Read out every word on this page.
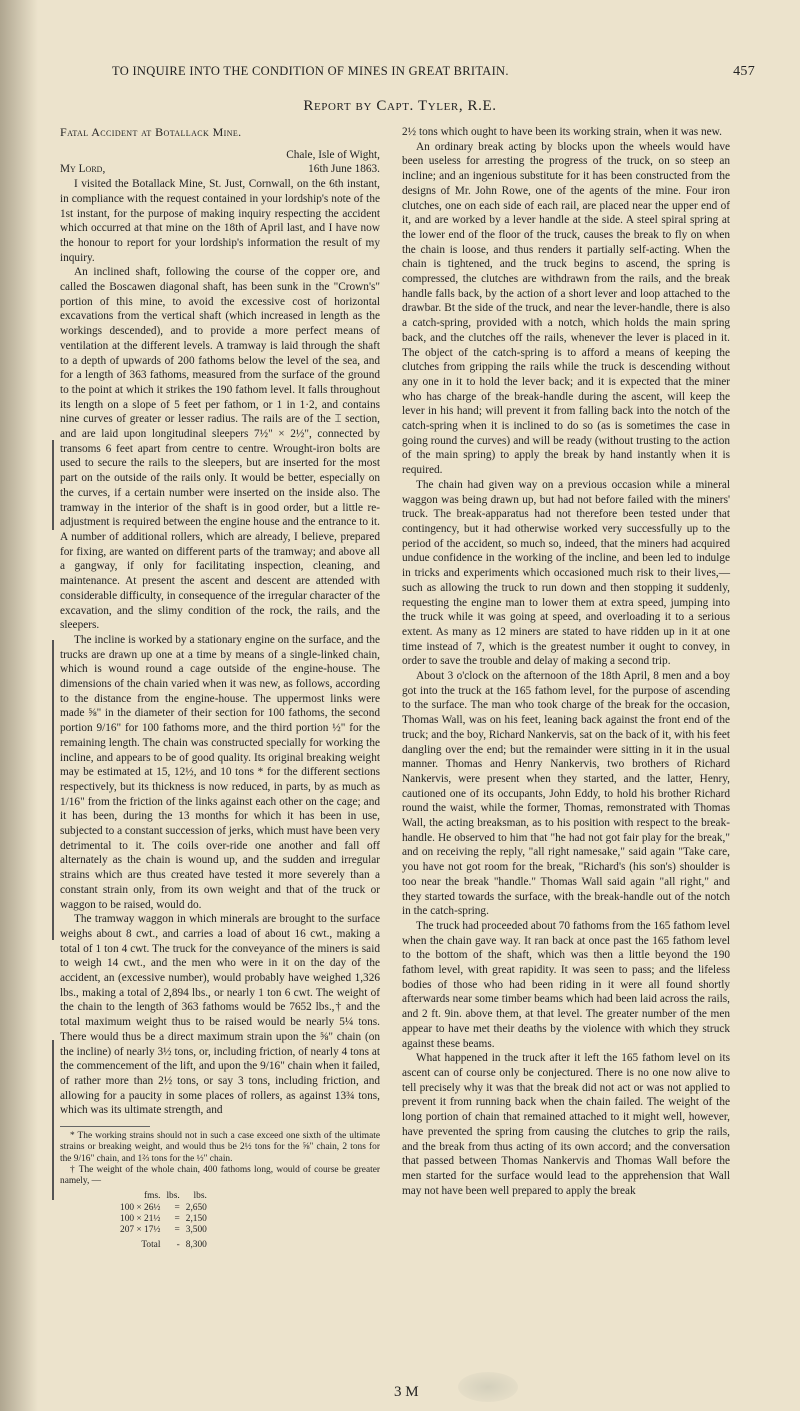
TO INQUIRE INTO THE CONDITION OF MINES IN GREAT BRITAIN.	457
Report by Capt. Tyler, R.E.

Fatal Accident at Botallack Mine.

Chale, Isle of Wight,

16th June 1863.
My Lord,

I visited the Botallack Mine, St. Just, Cornwall, on the 6th instant, in compliance with the request contained in your lordship's note of the 1st instant, for the purpose of making inquiry respecting the accident which occurred at that mine on the 18th of April last, and I have now the honour to report for your lordship's information the result of my inquiry.

An inclined shaft, following the course of the copper ore, and called the Boscawen diagonal shaft, has been sunk in the "Crown's" portion of this mine, to avoid the excessive cost of horizontal excavations from the vertical shaft (which increased in length as the workings descended), and to provide a more perfect means of ventilation at the different levels. A tramway is laid through the shaft to a depth of upwards of 200 fathoms below the level of the sea, and for a length of 363 fathoms, measured from the surface of the ground to the point at which it strikes the 190 fathom level. It falls throughout its length on a slope of 5 feet per fathom, or 1 in 1·2, and contains nine curves of greater or lesser radius. The rails are of the ⌶ section, and are laid upon longitudinal sleepers 7½" × 2½", connected by transoms 6 feet apart from centre to centre. Wrought-iron bolts are used to secure the rails to the sleepers, but are inserted for the most part on the outside of the rails only. It would be better, especially on the curves, if a certain number were inserted on the inside also. The tramway in the interior of the shaft is in good order, but a little re-adjustment is required between the engine house and the entrance to it. A number of additional rollers, which are already, I believe, prepared for fixing, are wanted on different parts of the tramway; and above all a gangway, if only for facilitating inspection, cleaning, and maintenance. At present the ascent and descent are attended with considerable difficulty, in consequence of the irregular character of the excavation, and the slimy condition of the rock, the rails, and the sleepers.

The incline is worked by a stationary engine on the surface, and the trucks are drawn up one at a time by means of a single-linked chain, which is wound round a cage outside of the engine-house. The dimensions of the chain varied when it was new, as follows, according to the distance from the engine-house. The uppermost links were made ⅝" in the diameter of their section for 100 fathoms, the second portion 9/16" for 100 fathoms more, and the third portion ½" for the remaining length. The chain was constructed specially for working the incline, and appears to be of good quality. Its original breaking weight may be estimated at 15, 12½, and 10 tons * for the different sections respectively, but its thickness is now reduced, in parts, by as much as 1/16" from the friction of the links against each other on the cage; and it has been, during the 13 months for which it has been in use, subjected to a constant succession of jerks, which must have been very detrimental to it. The coils over-ride one another and fall off alternately as the chain is wound up, and the sudden and irregular strains which are thus created have tested it more severely than a constant strain only, from its own weight and that of the truck or waggon to be raised, would do.

The tramway waggon in which minerals are brought to the surface weighs about 8 cwt., and carries a load of about 16 cwt., making a total of 1 ton 4 cwt. The truck for the conveyance of the miners is said to weigh 14 cwt., and the men who were in it on the day of the accident, an (excessive number), would probably have weighed 1,326 lbs., making a total of 2,894 lbs., or nearly 1 ton 6 cwt. The weight of the chain to the length of 363 fathoms would be 7652 lbs.,† and the total maximum weight thus to be raised would be nearly 5¼ tons. There would thus be a direct maximum strain upon the ⅝" chain (on the incline) of nearly 3½ tons, or, including friction, of nearly 4 tons at the commencement of the lift, and upon the 9/16" chain when it failed, of rather more than 2½ tons, or say 3 tons, including friction, and allowing for a paucity in some places of rollers, as against 13¾ tons, which was its ultimate strength, and

* The working strains should not in such a case exceed one sixth of the ultimate strains or breaking weight, and would thus be 2½ tons for the ⅝" chain, 2 tons for the 9/16" chain, and 1⅔ tons for the ½" chain.

† The weight of the whole chain, 400 fathoms long, would of course be greater namely, —

fms.	lbs.	lbs.
100 × 26½	=	2,650
100 × 21½	=	2,150
207 × 17½	=	3,500
Total	-	8,300

2½ tons which ought to have been its working strain, when it was new.

An ordinary break acting by blocks upon the wheels would have been useless for arresting the progress of the truck, on so steep an incline; and an ingenious substitute for it has been constructed from the designs of Mr. John Rowe, one of the agents of the mine. Four iron clutches, one on each side of each rail, are placed near the upper end of it, and are worked by a lever handle at the side. A steel spiral spring at the lower end of the floor of the truck, causes the break to fly on when the chain is loose, and thus renders it partially self-acting. When the chain is tightened, and the truck begins to ascend, the spring is compressed, the clutches are withdrawn from the rails, and the break handle falls back, by the action of a short lever and loop attached to the drawbar. Bt the side of the truck, and near the lever-handle, there is also a catch-spring, provided with a notch, which holds the main spring back, and the clutches off the rails, whenever the lever is placed in it. The object of the catch-spring is to afford a means of keeping the clutches from gripping the rails while the truck is descending without any one in it to hold the lever back; and it is expected that the miner who has charge of the break-handle during the ascent, will keep the lever in his hand; will prevent it from falling back into the notch of the catch-spring when it is inclined to do so (as is sometimes the case in going round the curves) and will be ready (without trusting to the action of the main spring) to apply the break by hand instantly when it is required.

The chain had given way on a previous occasion while a mineral waggon was being drawn up, but had not before failed with the miners' truck. The break-apparatus had not therefore been tested under that contingency, but it had otherwise worked very successfully up to the period of the accident, so much so, indeed, that the miners had acquired undue confidence in the working of the incline, and been led to indulge in tricks and experiments which occasioned much risk to their lives,—such as allowing the truck to run down and then stopping it suddenly, requesting the engine man to lower them at extra speed, jumping into the truck while it was going at speed, and overloading it to a serious extent. As many as 12 miners are stated to have ridden up in it at one time instead of 7, which is the greatest number it ought to convey, in order to save the trouble and delay of making a second trip.

About 3 o'clock on the afternoon of the 18th April, 8 men and a boy got into the truck at the 165 fathom level, for the purpose of ascending to the surface. The man who took charge of the break for the occasion, Thomas Wall, was on his feet, leaning back against the front end of the truck; and the boy, Richard Nankervis, sat on the back of it, with his feet dangling over the end; but the remainder were sitting in it in the usual manner. Thomas and Henry Nankervis, two brothers of Richard Nankervis, were present when they started, and the latter, Henry, cautioned one of its occupants, John Eddy, to hold his brother Richard round the waist, while the former, Thomas, remonstrated with Thomas Wall, the acting breaksman, as to his position with respect to the break-handle. He observed to him that "he had not got fair play for the break," and on receiving the reply, "all right namesake," said again "Take care, you have not got room for the break, "Richard's (his son's) shoulder is too near the break "handle." Thomas Wall said again "all right," and they started towards the surface, with the break-handle out of the notch in the catch-spring.

The truck had proceeded about 70 fathoms from the 165 fathom level when the chain gave way. It ran back at once past the 165 fathom level to the bottom of the shaft, which was then a little beyond the 190 fathom level, with great rapidity. It was seen to pass; and the lifeless bodies of those who had been riding in it were all found shortly afterwards near some timber beams which had been laid across the rails, and 2 ft. 9in. above them, at that level. The greater number of the men appear to have met their deaths by the violence with which they struck against these beams.

What happened in the truck after it left the 165 fathom level on its ascent can of course only be conjectured. There is no one now alive to tell precisely why it was that the break did not act or was not applied to prevent it from running back when the chain failed. The weight of the long portion of chain that remained attached to it might well, however, have prevented the spring from causing the clutches to grip the rails, and the break from thus acting of its own accord; and the conversation that passed between Thomas Nankervis and Thomas Wall before the men started for the surface would lead to the apprehension that Wall may not have been well prepared to apply the break

3 M
